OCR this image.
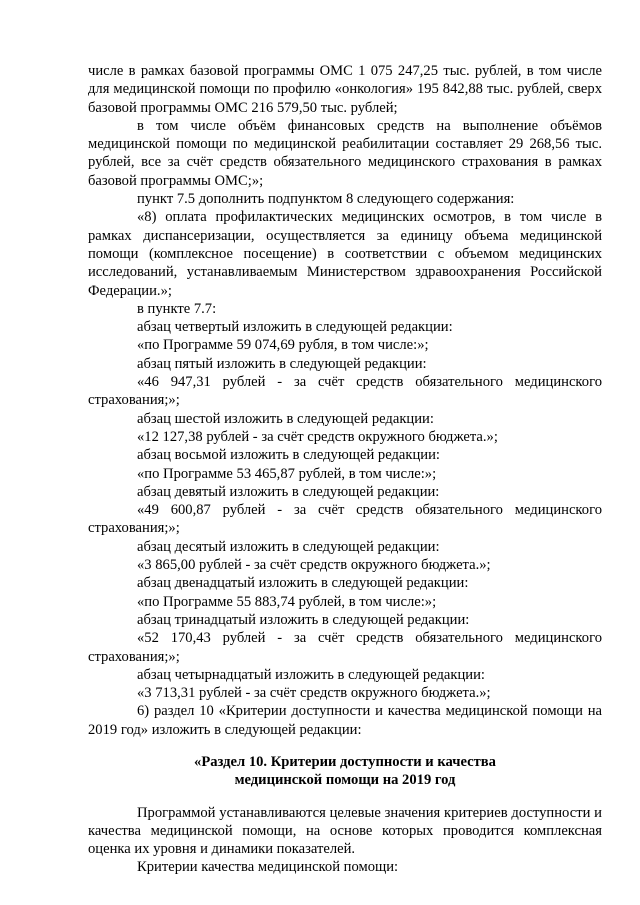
числе в рамках базовой программы ОМС 1 075 247,25 тыс. рублей, в том числе для медицинской помощи по профилю «онкология» 195 842,88 тыс. рублей, сверх базовой программы ОМС 216 579,50 тыс. рублей;

в том числе объём финансовых средств на выполнение объёмов медицинской помощи по медицинской реабилитации составляет 29 268,56 тыс. рублей, все за счёт средств обязательного медицинского страхования в рамках базовой программы ОМС;»;

пункт 7.5 дополнить подпунктом 8 следующего содержания:

«8) оплата профилактических медицинских осмотров, в том числе в рамках диспансеризации, осуществляется за единицу объема медицинской помощи (комплексное посещение) в соответствии с объемом медицинских исследований, устанавливаемым Министерством здравоохранения Российской Федерации.»;

в пункте 7.7:

абзац четвертый изложить в следующей редакции:

«по Программе 59 074,69 рубля, в том числе:»;

абзац пятый изложить в следующей редакции:

«46 947,31 рублей - за счёт средств обязательного медицинского страхования;»;

абзац шестой изложить в следующей редакции:

«12 127,38 рублей - за счёт средств окружного бюджета.»;

абзац восьмой изложить в следующей редакции:

«по Программе 53 465,87 рублей, в том числе:»;

абзац девятый изложить в следующей редакции:

«49 600,87 рублей - за счёт средств обязательного медицинского страхования;»;

абзац десятый изложить в следующей редакции:

«3 865,00 рублей - за счёт средств окружного бюджета.»;

абзац двенадцатый изложить в следующей редакции:

«по Программе 55 883,74 рублей, в том числе:»;

абзац тринадцатый изложить в следующей редакции:

«52 170,43 рублей - за счёт средств обязательного медицинского страхования;»;

абзац четырнадцатый изложить в следующей редакции:

«3 713,31 рублей - за счёт средств окружного бюджета.»;

6) раздел 10 «Критерии доступности и качества медицинской помощи на 2019 год» изложить в следующей редакции:

«Раздел 10. Критерии доступности и качества
медицинской помощи на 2019 год

Программой устанавливаются целевые значения критериев доступности и качества медицинской помощи, на основе которых проводится комплексная оценка их уровня и динамики показателей.

Критерии качества медицинской помощи:
